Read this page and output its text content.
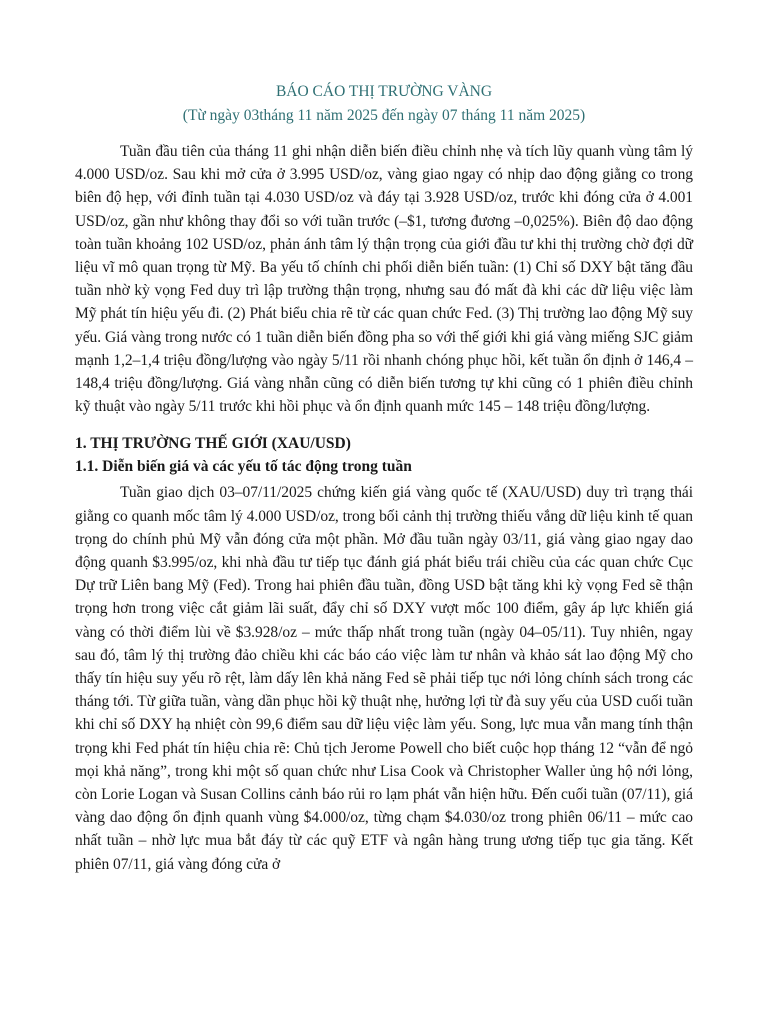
BÁO CÁO THỊ TRƯỜNG VÀNG
(Từ ngày 03tháng 11 năm 2025 đến ngày 07 tháng 11 năm 2025)

Tuần đầu tiên của tháng 11 ghi nhận diễn biến điều chỉnh nhẹ và tích lũy quanh vùng tâm lý 4.000 USD/oz. Sau khi mở cửa ở 3.995 USD/oz, vàng giao ngay có nhịp dao động giằng co trong biên độ hẹp, với đỉnh tuần tại 4.030 USD/oz và đáy tại 3.928 USD/oz, trước khi đóng cửa ở 4.001 USD/oz, gần như không thay đổi so với tuần trước (–$1, tương đương –0,025%). Biên độ dao động toàn tuần khoảng 102 USD/oz, phản ánh tâm lý thận trọng của giới đầu tư khi thị trường chờ đợi dữ liệu vĩ mô quan trọng từ Mỹ. Ba yếu tố chính chi phối diễn biến tuần: (1) Chỉ số DXY bật tăng đầu tuần nhờ kỳ vọng Fed duy trì lập trường thận trọng, nhưng sau đó mất đà khi các dữ liệu việc làm Mỹ phát tín hiệu yếu đi. (2) Phát biểu chia rẽ từ các quan chức Fed. (3) Thị trường lao động Mỹ suy yếu. Giá vàng trong nước có 1 tuần diễn biến đồng pha so với thế giới khi giá vàng miếng SJC giảm mạnh 1,2–1,4 triệu đồng/lượng vào ngày 5/11 rồi nhanh chóng phục hồi, kết tuần ổn định ở 146,4 – 148,4 triệu đồng/lượng. Giá vàng nhẫn cũng có diễn biến tương tự khi cũng có 1 phiên điều chỉnh kỹ thuật vào ngày 5/11 trước khi hồi phục và ổn định quanh mức 145 – 148 triệu đồng/lượng.

1. THỊ TRƯỜNG THẾ GIỚI (XAU/USD)
1.1. Diễn biến giá và các yếu tố tác động trong tuần

Tuần giao dịch 03–07/11/2025 chứng kiến giá vàng quốc tế (XAU/USD) duy trì trạng thái giằng co quanh mốc tâm lý 4.000 USD/oz, trong bối cảnh thị trường thiếu vắng dữ liệu kinh tế quan trọng do chính phủ Mỹ vẫn đóng cửa một phần. Mở đầu tuần ngày 03/11, giá vàng giao ngay dao động quanh $3.995/oz, khi nhà đầu tư tiếp tục đánh giá phát biểu trái chiều của các quan chức Cục Dự trữ Liên bang Mỹ (Fed). Trong hai phiên đầu tuần, đồng USD bật tăng khi kỳ vọng Fed sẽ thận trọng hơn trong việc cắt giảm lãi suất, đẩy chỉ số DXY vượt mốc 100 điểm, gây áp lực khiến giá vàng có thời điểm lùi về $3.928/oz – mức thấp nhất trong tuần (ngày 04–05/11). Tuy nhiên, ngay sau đó, tâm lý thị trường đảo chiều khi các báo cáo việc làm tư nhân và khảo sát lao động Mỹ cho thấy tín hiệu suy yếu rõ rệt, làm dấy lên khả năng Fed sẽ phải tiếp tục nới lỏng chính sách trong các tháng tới. Từ giữa tuần, vàng dần phục hồi kỹ thuật nhẹ, hưởng lợi từ đà suy yếu của USD cuối tuần khi chỉ số DXY hạ nhiệt còn 99,6 điểm sau dữ liệu việc làm yếu. Song, lực mua vẫn mang tính thận trọng khi Fed phát tín hiệu chia rẽ: Chủ tịch Jerome Powell cho biết cuộc họp tháng 12 “vẫn để ngỏ mọi khả năng”, trong khi một số quan chức như Lisa Cook và Christopher Waller ủng hộ nới lỏng, còn Lorie Logan và Susan Collins cảnh báo rủi ro lạm phát vẫn hiện hữu. Đến cuối tuần (07/11), giá vàng dao động ổn định quanh vùng $4.000/oz, từng chạm $4.030/oz trong phiên 06/11 – mức cao nhất tuần – nhờ lực mua bắt đáy từ các quỹ ETF và ngân hàng trung ương tiếp tục gia tăng. Kết phiên 07/11, giá vàng đóng cửa ở
